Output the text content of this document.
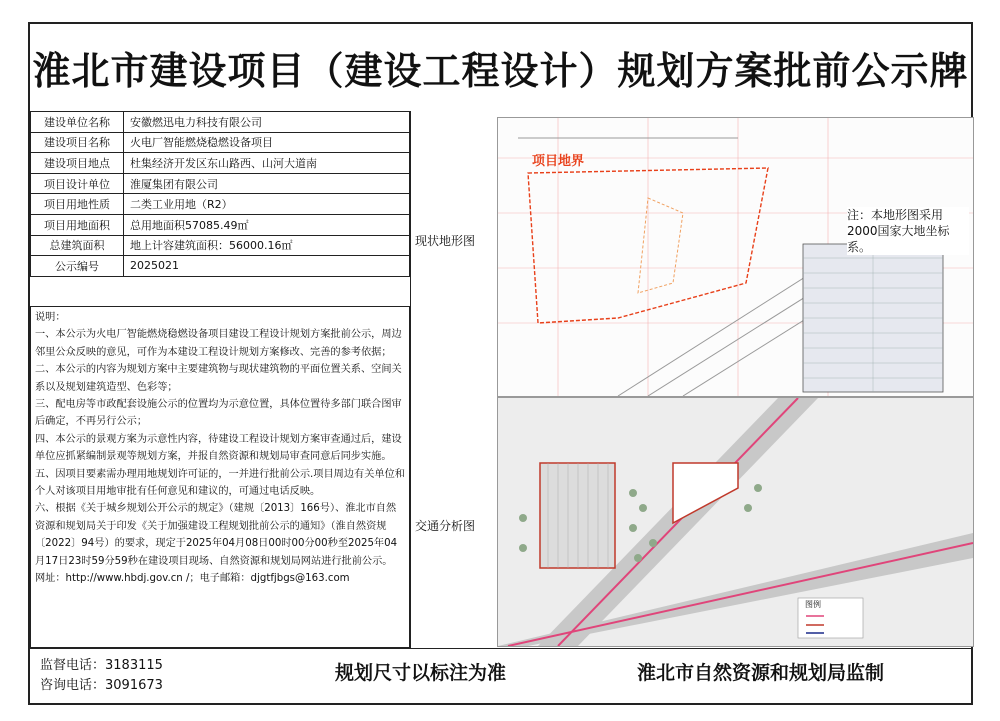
淮北市建设项目（建设工程设计）规划方案批前公示牌
建设单位名称	安徽燃迅电力科技有限公司
建设项目名称	火电厂智能燃烧稳燃设备项目
建设项目地点	杜集经济开发区东山路西、山河大道南
项目设计单位	淮厦集团有限公司
项目用地性质	二类工业用地（R2）
项目用地面积	总用地面积57085.49㎡
总建筑面积	地上计容建筑面积：56000.16㎡
公示编号	2025021

说明：

一、本公示为火电厂智能燃烧稳燃设备项目建设工程设计规划方案批前公示，周边邻里公众反映的意见，可作为本建设工程设计规划方案修改、完善的参考依据；

二、本公示的内容为规划方案中主要建筑物与现状建筑物的平面位置关系、空间关系以及规划建筑造型、色彩等；

三、配电房等市政配套设施公示的位置均为示意位置，具体位置待多部门联合图审后确定，不再另行公示；

四、本公示的景观方案为示意性内容，待建设工程设计规划方案审查通过后，建设单位应抓紧编制景观等规划方案，并报自然资源和规划局审查同意后同步实施。

五、因项目要素需办理用地规划许可证的，一并进行批前公示.项目周边有关单位和个人对该项目用地审批有任何意见和建议的，可通过电话反映。

六、根据《关于城乡规划公开公示的规定》（建规〔2013〕166号）、淮北市自然资源和规划局关于印发《关于加强建设工程规划批前公示的通知》（淮自然资规〔2022〕94号）的要求，现定于2025年04月08日00时00分00秒至2025年04月17日23时59分59秒在建设项目现场、自然资源和规划局网站进行批前公示。

网址：http://www.hbdj.gov.cn /；电子邮箱：djgtfjbgs@163.com

项目地界
现状地形图
注：本地形图采用2000国家大地坐标系。
图例
交通分析图
监督电话：3183115
咨询电话：3091673
规划尺寸以标注为准	淮北市自然资源和规划局监制
